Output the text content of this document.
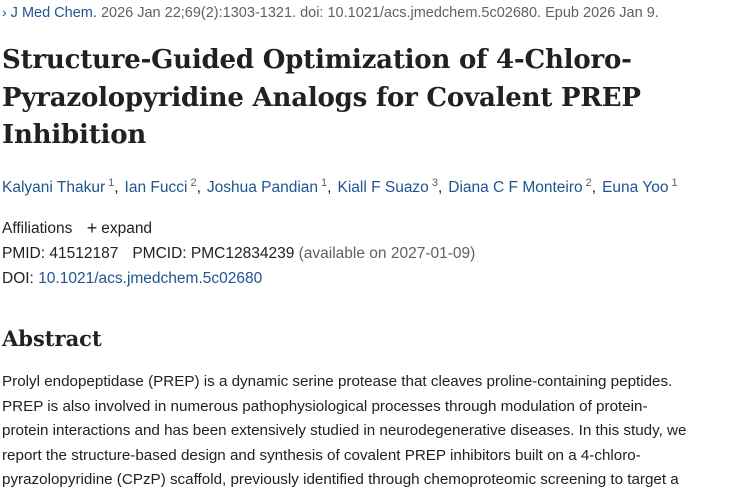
› J Med Chem. 2026 Jan 22;69(2):1303-1321. doi: 10.1021/acs.jmedchem.5c02680. Epub 2026 Jan 9.
Structure-Guided Optimization of 4-Chloro-
Pyrazolopyridine Analogs for Covalent PREP
Inhibition
Kalyani Thakur $^1$, Ian Fucci $^2$, Joshua Pandian $^1$, Kiall F Suazo $^3$, Diana C F Monteiro $^2$, Euna Yoo $^1$
Affiliations + expand
PMID: 41512187 PMCID: PMC12834239 (available on 2027-01-09)
DOI: 10.1021/acs.jmedchem.5c02680
Abstract
Prolyl endopeptidase (PREP) is a dynamic serine protease that cleaves proline-containing peptides.
PREP is also involved in numerous pathophysiological processes through modulation of protein-
protein interactions and has been extensively studied in neurodegenerative diseases. In this study, we
report the structure-based design and synthesis of covalent PREP inhibitors built on a 4-chloro-
pyrazolopyridine (CPzP) scaffold, previously identified through chemoproteomic screening to target a
